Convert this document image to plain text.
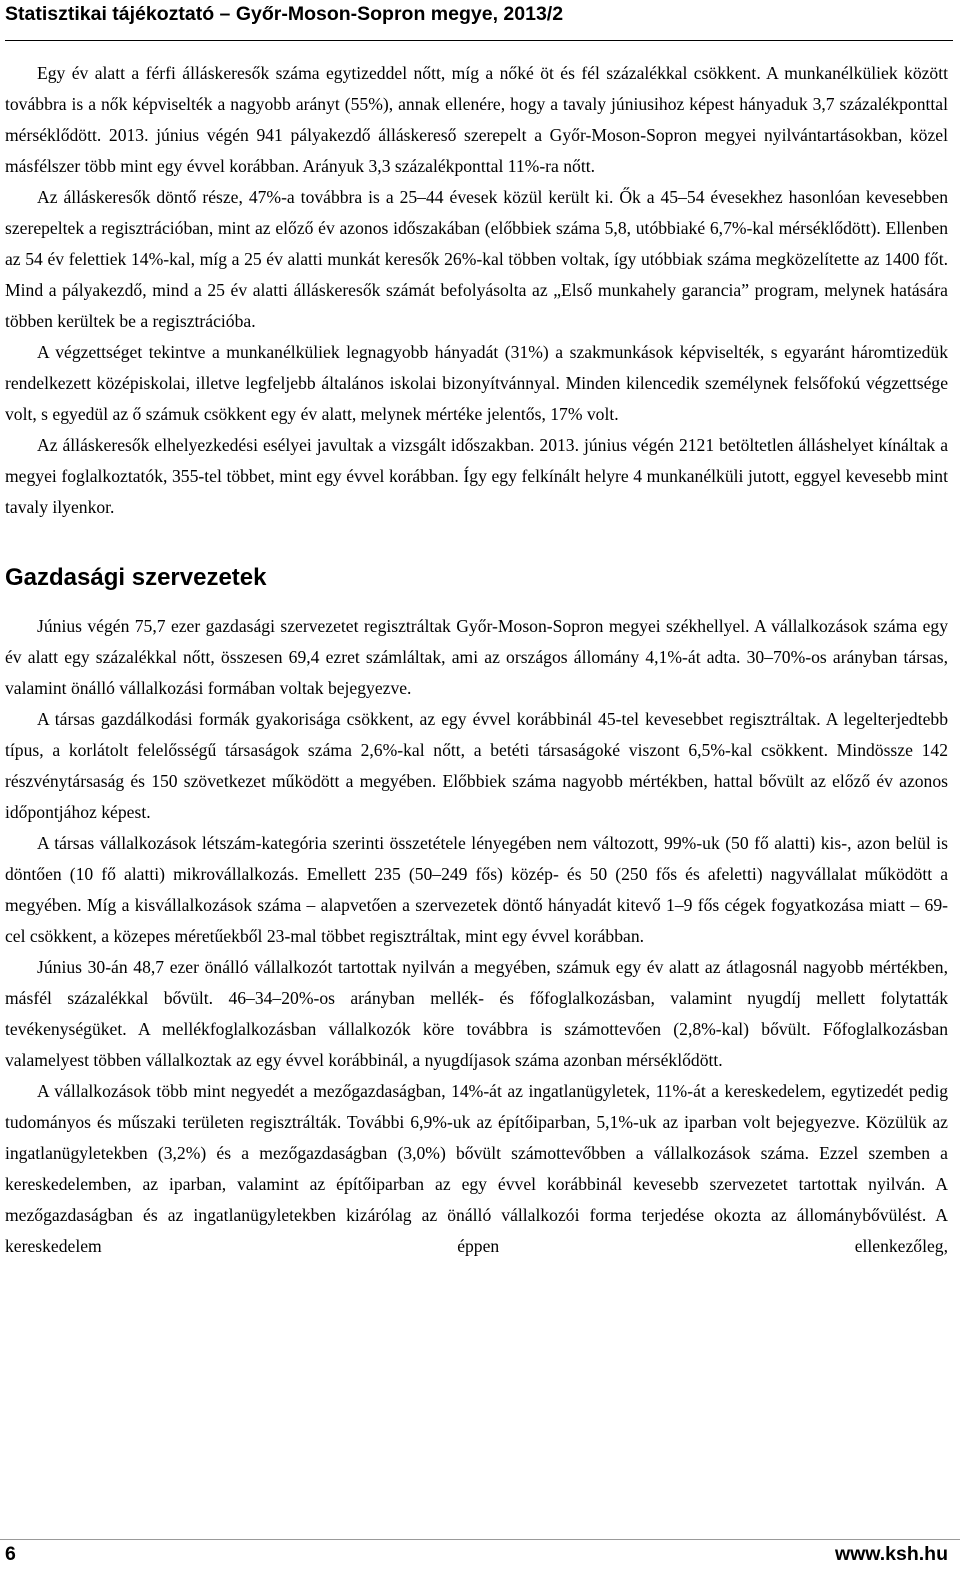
Statisztikai tájékoztató – Győr-Moson-Sopron megye, 2013/2

Egy év alatt a férfi álláskeresők száma egytizeddel nőtt, míg a nőké öt és fél százalékkal csökkent. A munkanélküliek között továbbra is a nők képviselték a nagyobb arányt (55%), annak ellenére, hogy a tavaly júniusihoz képest hányaduk 3,7 százalékponttal mérséklődött. 2013. június végén 941 pályakezdő álláskereső szerepelt a Győr-Moson-Sopron megyei nyilvántartásokban, közel másfélszer több mint egy évvel korábban. Arányuk 3,3 százalékponttal 11%-ra nőtt.

Az álláskeresők döntő része, 47%-a továbbra is a 25–44 évesek közül került ki. Ők a 45–54 évesekhez hasonlóan kevesebben szerepeltek a regisztrációban, mint az előző év azonos időszakában (előbbiek száma 5,8, utóbbiaké 6,7%-kal mérséklődött). Ellenben az 54 év felettiek 14%-kal, míg a 25 év alatti munkát keresők 26%-kal többen voltak, így utóbbiak száma megközelítette az 1400 főt. Mind a pályakezdő, mind a 25 év alatti álláskeresők számát befolyásolta az „Első munkahely garancia” program, melynek hatására többen kerültek be a regisztrációba.

A végzettséget tekintve a munkanélküliek legnagyobb hányadát (31%) a szakmunkások képviselték, s egyaránt háromtizedük rendelkezett középiskolai, illetve legfeljebb általános iskolai bizonyítvánnyal. Minden kilencedik személynek felsőfokú végzettsége volt, s egyedül az ő számuk csökkent egy év alatt, melynek mértéke jelentős, 17% volt.

Az álláskeresők elhelyezkedési esélyei javultak a vizsgált időszakban. 2013. június végén 2121 betöltetlen álláshelyet kínáltak a megyei foglalkoztatók, 355-tel többet, mint egy évvel korábban. Így egy felkínált helyre 4 munkanélküli jutott, eggyel kevesebb mint tavaly ilyenkor.

Gazdasági szervezetek

Június végén 75,7 ezer gazdasági szervezetet regisztráltak Győr-Moson-Sopron megyei székhellyel. A vállalkozások száma egy év alatt egy százalékkal nőtt, összesen 69,4 ezret számláltak, ami az országos állomány 4,1%-át adta. 30–70%-os arányban társas, valamint önálló vállalkozási formában voltak bejegyezve.

A társas gazdálkodási formák gyakorisága csökkent, az egy évvel korábbinál 45-tel kevesebbet regisztráltak. A legelterjedtebb típus, a korlátolt felelősségű társaságok száma 2,6%-kal nőtt, a betéti társaságoké viszont 6,5%-kal csökkent. Mindössze 142 részvénytársaság és 150 szövetkezet működött a megyében. Előbbiek száma nagyobb mértékben, hattal bővült az előző év azonos időpontjához képest.

A társas vállalkozások létszám-kategória szerinti összetétele lényegében nem változott, 99%-uk (50 fő alatti) kis-, azon belül is döntően (10 fő alatti) mikrovállalkozás. Emellett 235 (50–249 fős) közép- és 50 (250 fős és afeletti) nagyvállalat működött a megyében. Míg a kisvállalkozások száma – alapvetően a szervezetek döntő hányadát kitevő 1–9 fős cégek fogyatkozása miatt – 69-cel csökkent, a közepes méretűekből 23-mal többet regisztráltak, mint egy évvel korábban.

Június 30-án 48,7 ezer önálló vállalkozót tartottak nyilván a megyében, számuk egy év alatt az átlagosnál nagyobb mértékben, másfél százalékkal bővült. 46–34–20%-os arányban mellék- és főfoglalkozásban, valamint nyugdíj mellett folytatták tevékenységüket. A mellékfoglalkozásban vállalkozók köre továbbra is számottevően (2,8%-kal) bővült. Főfoglalkozásban valamelyest többen vállalkoztak az egy évvel korábbinál, a nyugdíjasok száma azonban mérséklődött.

A vállalkozások több mint negyedét a mezőgazdaságban, 14%-át az ingatlanügyletek, 11%-át a kereskedelem, egytizedét pedig tudományos és műszaki területen regisztrálták. További 6,9%-uk az építőiparban, 5,1%-uk az iparban volt bejegyezve. Közülük az ingatlanügyletekben (3,2%) és a mezőgazdaságban (3,0%) bővült számottevőbben a vállalkozások száma. Ezzel szemben a kereskedelemben, az iparban, valamint az építőiparban az egy évvel korábbinál kevesebb szervezetet tartottak nyilván. A mezőgazdaságban és az ingatlanügyletekben kizárólag az önálló vállalkozói forma terjedése okozta az állománybővülést. A kereskedelem éppen ellenkezőleg,

6	www.ksh.hu
